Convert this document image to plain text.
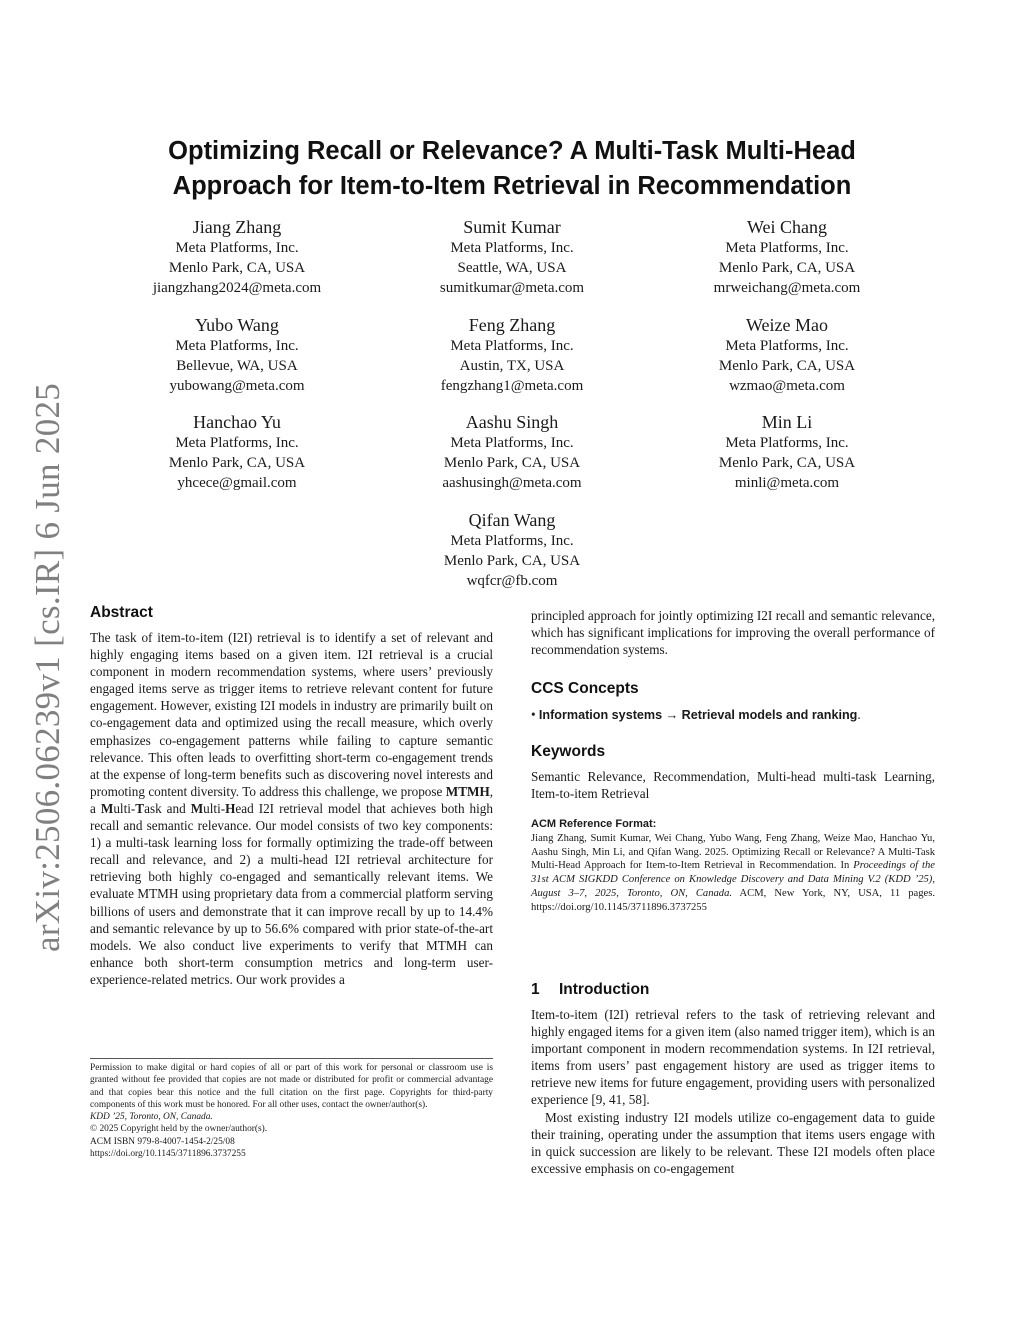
arXiv:2506.06239v1 [cs.IR] 6 Jun 2025
Optimizing Recall or Relevance? A Multi-Task Multi-Head
Approach for Item-to-Item Retrieval in Recommendation
Jiang Zhang
Meta Platforms, Inc.
Menlo Park, CA, USA
jiangzhang2024@meta.com
Sumit Kumar
Meta Platforms, Inc.
Seattle, WA, USA
sumitkumar@meta.com
Wei Chang
Meta Platforms, Inc.
Menlo Park, CA, USA
mrweichang@meta.com
Yubo Wang
Meta Platforms, Inc.
Bellevue, WA, USA
yubowang@meta.com
Feng Zhang
Meta Platforms, Inc.
Austin, TX, USA
fengzhang1@meta.com
Weize Mao
Meta Platforms, Inc.
Menlo Park, CA, USA
wzmao@meta.com
Hanchao Yu
Meta Platforms, Inc.
Menlo Park, CA, USA
yhcece@gmail.com
Aashu Singh
Meta Platforms, Inc.
Menlo Park, CA, USA
aashusingh@meta.com
Min Li
Meta Platforms, Inc.
Menlo Park, CA, USA
minli@meta.com
Qifan Wang
Meta Platforms, Inc.
Menlo Park, CA, USA
wqfcr@fb.com
Abstract

The task of item-to-item (I2I) retrieval is to identify a set of relevant and highly engaging items based on a given item. I2I retrieval is a crucial component in modern recommendation systems, where users’ previously engaged items serve as trigger items to retrieve relevant content for future engagement. However, existing I2I models in industry are primarily built on co-engagement data and optimized using the recall measure, which overly emphasizes co-engagement patterns while failing to capture semantic relevance. This often leads to overfitting short-term co-engagement trends at the expense of long-term benefits such as discovering novel interests and promoting content diversity. To address this challenge, we propose MTMH, a Multi-Task and Multi-Head I2I retrieval model that achieves both high recall and semantic relevance. Our model consists of two key components: 1) a multi-task learning loss for formally optimizing the trade-off between recall and relevance, and 2) a multi-head I2I retrieval architecture for retrieving both highly co-engaged and semantically relevant items. We evaluate MTMH using proprietary data from a commercial platform serving billions of users and demonstrate that it can improve recall by up to 14.4% and semantic relevance by up to 56.6% compared with prior state-of-the-art models. We also conduct live experiments to verify that MTMH can enhance both short-term consumption metrics and long-term user-experience-related metrics. Our work provides a

Permission to make digital or hard copies of all or part of this work for personal or classroom use is granted without fee provided that copies are not made or distributed for profit or commercial advantage and that copies bear this notice and the full citation on the first page. Copyrights for third-party components of this work must be honored. For all other uses, contact the owner/author(s).

KDD ’25, Toronto, ON, Canada.

© 2025 Copyright held by the owner/author(s).

ACM ISBN 979-8-4007-1454-2/25/08

https://doi.org/10.1145/3711896.3737255

principled approach for jointly optimizing I2I recall and semantic relevance, which has significant implications for improving the overall performance of recommendation systems.

CCS Concepts

• Information systems → Retrieval models and ranking.

Keywords
Semantic Relevance, Recommendation, Multi-head multi-task Learning, Item-to-item Retrieval

ACM Reference Format:

Jiang Zhang, Sumit Kumar, Wei Chang, Yubo Wang, Feng Zhang, Weize Mao, Hanchao Yu, Aashu Singh, Min Li, and Qifan Wang. 2025. Optimizing Recall or Relevance? A Multi-Task Multi-Head Approach for Item-to-Item Retrieval in Recommendation. In Proceedings of the 31st ACM SIGKDD Conference on Knowledge Discovery and Data Mining V.2 (KDD ’25), August 3–7, 2025, Toronto, ON, Canada. ACM, New York, NY, USA, 11 pages. https://doi.org/10.1145/3711896.3737255

1 Introduction

Item-to-item (I2I) retrieval refers to the task of retrieving relevant and highly engaged items for a given item (also named trigger item), which is an important component in modern recommendation systems. In I2I retrieval, items from users’ past engagement history are used as trigger items to retrieve new items for future engagement, providing users with personalized experience [9, 41, 58].

Most existing industry I2I models utilize co-engagement data to guide their training, operating under the assumption that items users engage with in quick succession are likely to be relevant. These I2I models often place excessive emphasis on co-engagement
